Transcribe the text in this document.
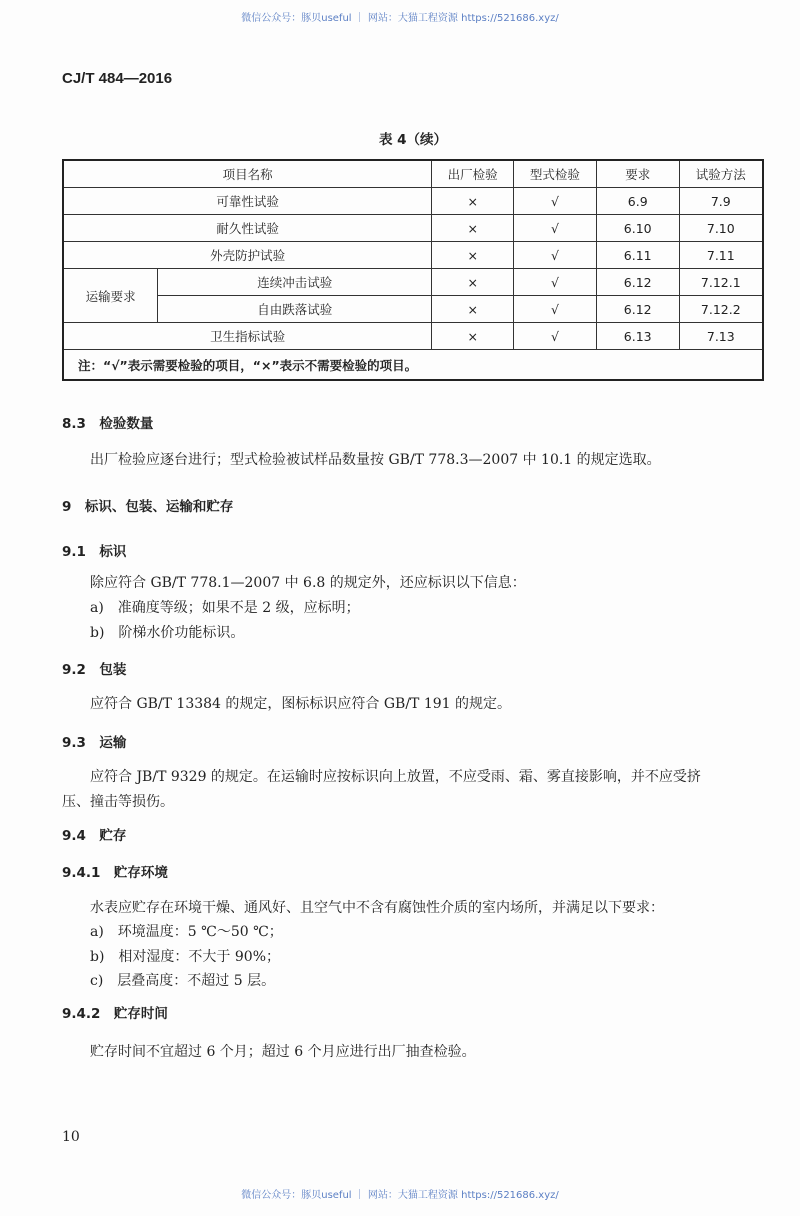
微信公众号：豚贝useful ｜ 网站：大猫工程资源 https://521686.xyz/
CJ/T 484—2016
表 4（续）
项目名称		出厂检验	型式检验	要求	试验方法
可靠性试验		×	√	6.9	7.9
耐久性试验		×	√	6.10	7.10
外壳防护试验		×	√	6.11	7.11
运输要求	连续冲击试验	×	√	6.12	7.12.1
	自由跌落试验	×	√	6.12	7.12.2
卫生指标试验		×	√	6.13	7.13
注：“√”表示需要检验的项目，“×”表示不需要检验的项目。					
8.3　检验数量
出厂检验应逐台进行；型式检验被试样品数量按 GB/T 778.3—2007 中 10.1 的规定选取。
9　标识、包装、运输和贮存
9.1　标识
除应符合 GB/T 778.1—2007 中 6.8 的规定外，还应标识以下信息：
a)　准确度等级；如果不是 2 级，应标明；
b)　阶梯水价功能标识。
9.2　包装
应符合 GB/T 13384 的规定，图标标识应符合 GB/T 191 的规定。
9.3　运输
应符合 JB/T 9329 的规定。在运输时应按标识向上放置，不应受雨、霜、雾直接影响，并不应受挤
压、撞击等损伤。
9.4　贮存
9.4.1　贮存环境
水表应贮存在环境干燥、通风好、且空气中不含有腐蚀性介质的室内场所，并满足以下要求：
a)　环境温度：5 ℃～50 ℃；
b)　相对湿度：不大于 90%；
c)　层叠高度：不超过 5 层。
9.4.2　贮存时间
贮存时间不宜超过 6 个月；超过 6 个月应进行出厂抽查检验。
10
微信公众号：豚贝useful ｜ 网站：大猫工程资源 https://521686.xyz/
